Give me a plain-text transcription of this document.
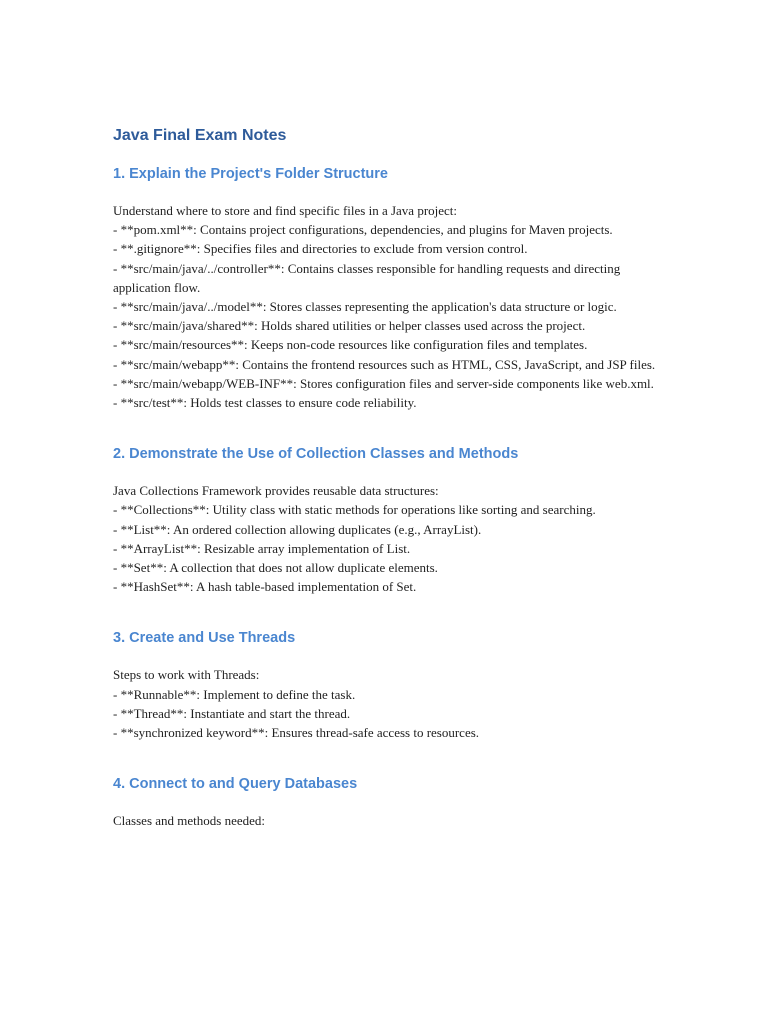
Java Final Exam Notes
1. Explain the Project's Folder Structure

Understand where to store and find specific files in a Java project:

- **pom.xml**: Contains project configurations, dependencies, and plugins for Maven projects.
- **.gitignore**: Specifies files and directories to exclude from version control.
- **src/main/java/../controller**: Contains classes responsible for handling requests and directing application flow.
- **src/main/java/../model**: Stores classes representing the application's data structure or logic.
- **src/main/java/shared**: Holds shared utilities or helper classes used across the project.
- **src/main/resources**: Keeps non-code resources like configuration files and templates.
- **src/main/webapp**: Contains the frontend resources such as HTML, CSS, JavaScript, and JSP files.
- **src/main/webapp/WEB-INF**: Stores configuration files and server-side components like web.xml.
- **src/test**: Holds test classes to ensure code reliability.
2. Demonstrate the Use of Collection Classes and Methods

Java Collections Framework provides reusable data structures:

- **Collections**: Utility class with static methods for operations like sorting and searching.
- **List**: An ordered collection allowing duplicates (e.g., ArrayList).
- **ArrayList**: Resizable array implementation of List.
- **Set**: A collection that does not allow duplicate elements.
- **HashSet**: A hash table-based implementation of Set.
3. Create and Use Threads

Steps to work with Threads:

- **Runnable**: Implement to define the task.
- **Thread**: Instantiate and start the thread.
- **synchronized keyword**: Ensures thread-safe access to resources.
4. Connect to and Query Databases

Classes and methods needed:
